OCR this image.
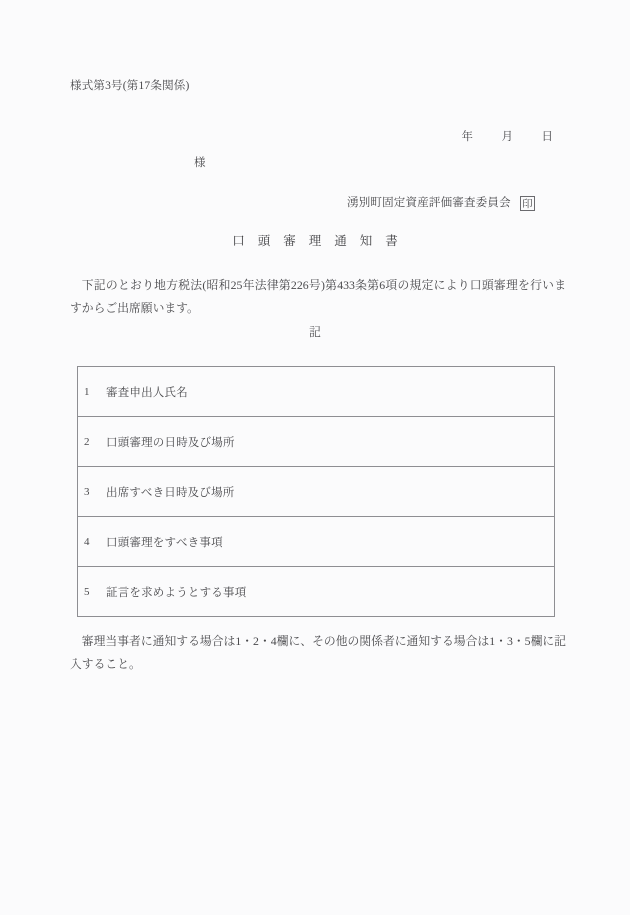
様式第3号(第17条関係)

年 月 日

様
湧別町固定資産評価審査委員会 印
口頭審理通知書
下記のとおり地方税法(昭和25年法律第226号)第433条第6項の規定により口頭審理を行いますからご出席願います。
記
1	審査申出人氏名

2	口頭審理の日時及び場所

3	出席すべき日時及び場所

4	口頭審理をすべき事項

5	証言を求めようとする事項
審理当事者に通知する場合は1・2・4欄に、その他の関係者に通知する場合は1・3・5欄に記入すること。
